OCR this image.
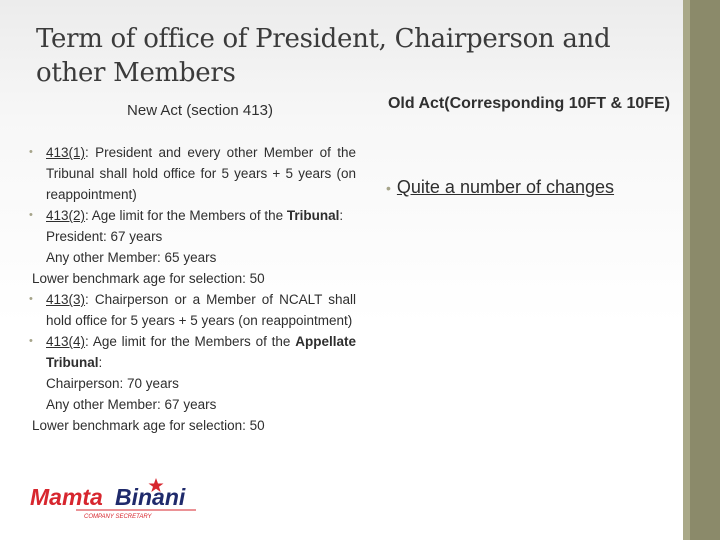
Term of office of President, Chairperson and other Members
New Act (section 413)	Old Act(Corresponding 10FT & 10FE)
• 413(1): President and every other Member of the Tribunal shall hold office for 5 years + 5 years (on reappointment)
• 413(2): Age limit for the Members of the Tribunal:
President: 67 years
Any other Member: 65 years
Lower benchmark age for selection: 50
• 413(3): Chairperson or a Member of NCALT shall hold office for 5 years + 5 years (on reappointment)
• 413(4): Age limit for the Members of the Appellate Tribunal:
Chairperson: 70 years
Any other Member: 67 years
Lower benchmark age for selection: 50
• Quite a number of changes
Mamta Binani
COMPANY SECRETARY
